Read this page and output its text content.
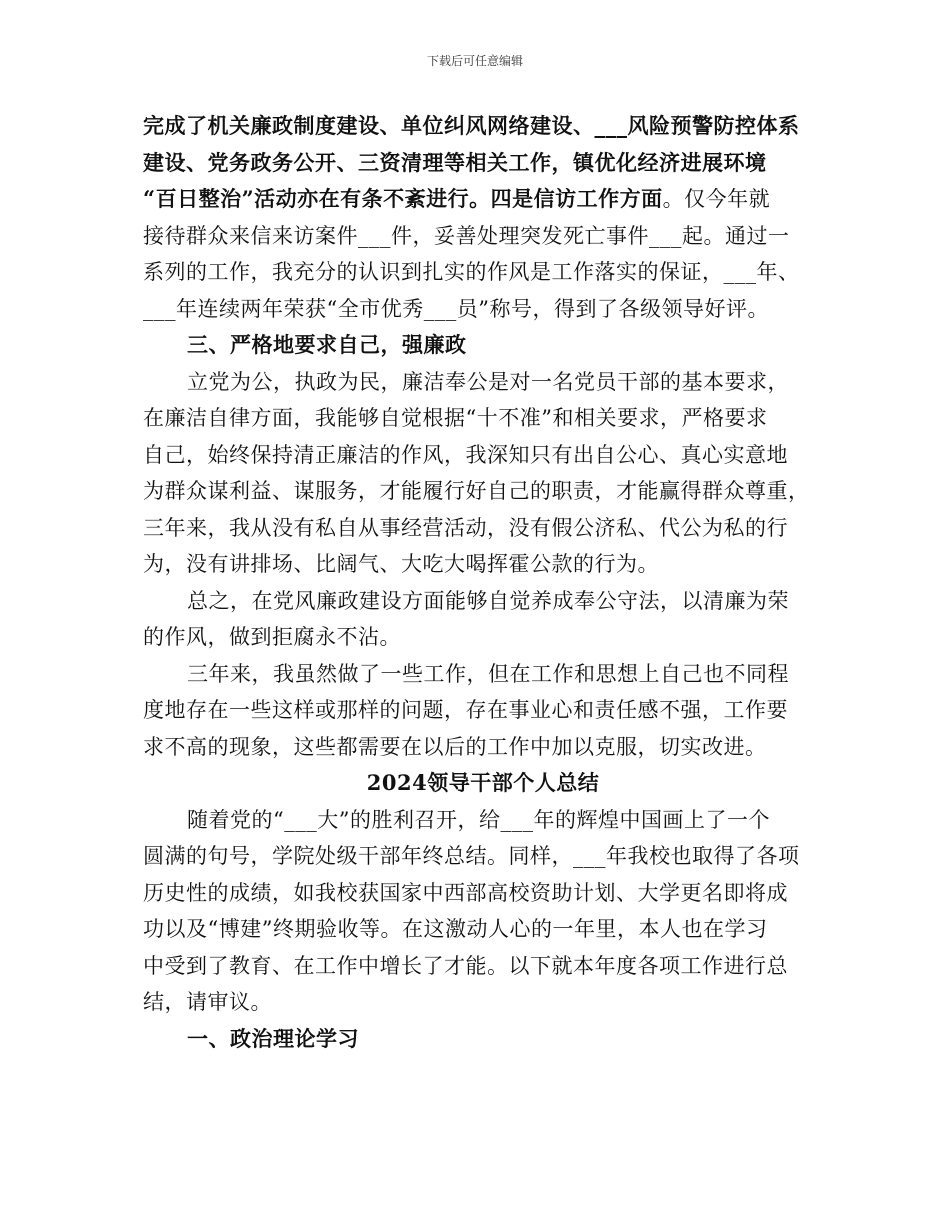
下载后可任意编辑
完成了机关廉政制度建设、单位纠风网络建设、___风险预警防控体系
建设、党务政务公开、三资清理等相关工作，镇优化经济进展环境
“百日整治”活动亦在有条不紊进行。四是信访工作方面。仅今年就
接待群众来信来访案件___件，妥善处理突发死亡事件___起。通过一
系列的工作，我充分的认识到扎实的作风是工作落实的保证，___年、
___年连续两年荣获“全市优秀___员”称号，得到了各级领导好评。
三、严格地要求自己，强廉政
立党为公，执政为民，廉洁奉公是对一名党员干部的基本要求，
在廉洁自律方面，我能够自觉根据“十不准”和相关要求，严格要求
自己，始终保持清正廉洁的作风，我深知只有出自公心、真心实意地
为群众谋利益、谋服务，才能履行好自己的职责，才能赢得群众尊重，
三年来，我从没有私自从事经营活动，没有假公济私、代公为私的行
为，没有讲排场、比阔气、大吃大喝挥霍公款的行为。
总之，在党风廉政建设方面能够自觉养成奉公守法，以清廉为荣
的作风，做到拒腐永不沾。
三年来，我虽然做了一些工作，但在工作和思想上自己也不同程
度地存在一些这样或那样的问题，存在事业心和责任感不强，工作要
求不高的现象，这些都需要在以后的工作中加以克服，切实改进。
2024领导干部个人总结
随着党的“___大”的胜利召开，给___年的辉煌中国画上了一个
圆满的句号，学院处级干部年终总结。同样，___年我校也取得了各项
历史性的成绩，如我校获国家中西部高校资助计划、大学更名即将成
功以及“博建”终期验收等。在这激动人心的一年里，本人也在学习
中受到了教育、在工作中增长了才能。以下就本年度各项工作进行总
结，请审议。
一、政治理论学习
